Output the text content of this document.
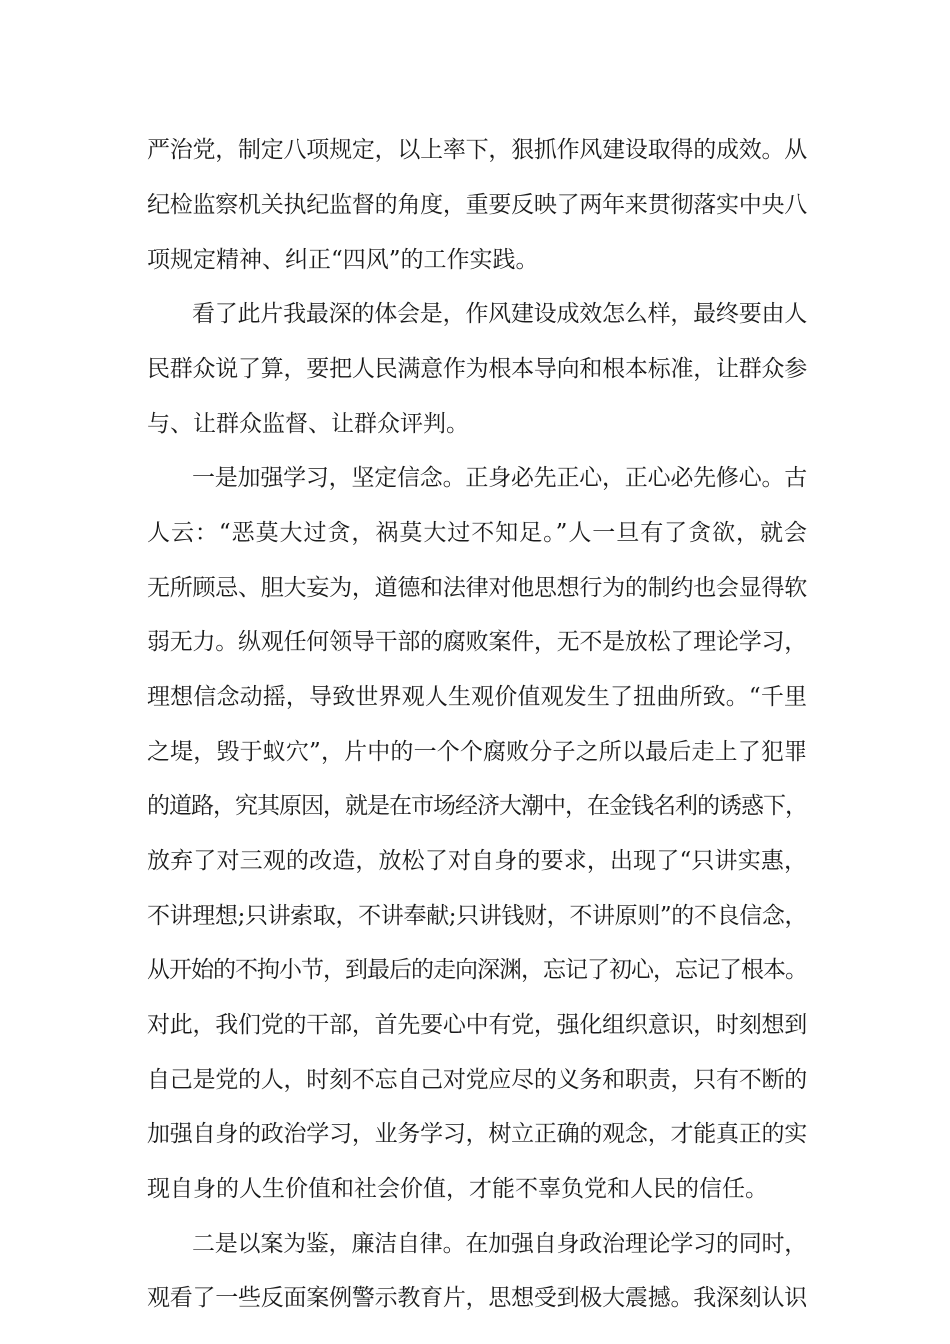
严治党，制定八项规定，以上率下，狠抓作风建设取得的成效。从
纪检监察机关执纪监督的角度，重要反映了两年来贯彻落实中央八
项规定精神、纠正“四风”的工作实践。
看了此片我最深的体会是，作风建设成效怎么样，最终要由人
民群众说了算，要把人民满意作为根本导向和根本标准，让群众参
与、让群众监督、让群众评判。
一是加强学习，坚定信念。正身必先正心，正心必先修心。古
人云：“恶莫大过贪，祸莫大过不知足。”人一旦有了贪欲，就会
无所顾忌、胆大妄为，道德和法律对他思想行为的制约也会显得软
弱无力。纵观任何领导干部的腐败案件，无不是放松了理论学习，
理想信念动摇，导致世界观人生观价值观发生了扭曲所致。“千里
之堤，毁于蚁穴”，片中的一个个腐败分子之所以最后走上了犯罪
的道路，究其原因，就是在市场经济大潮中，在金钱名利的诱惑下，
放弃了对三观的改造，放松了对自身的要求，出现了“只讲实惠，
不讲理想;只讲索取，不讲奉献;只讲钱财，不讲原则”的不良信念，
从开始的不拘小节，到最后的走向深渊，忘记了初心，忘记了根本。
对此，我们党的干部，首先要心中有党，强化组织意识，时刻想到
自己是党的人，时刻不忘自己对党应尽的义务和职责，只有不断的
加强自身的政治学习，业务学习，树立正确的观念，才能真正的实
现自身的人生价值和社会价值，才能不辜负党和人民的信任。
二是以案为鉴，廉洁自律。在加强自身政治理论学习的同时，
观看了一些反面案例警示教育片，思想受到极大震撼。我深刻认识
